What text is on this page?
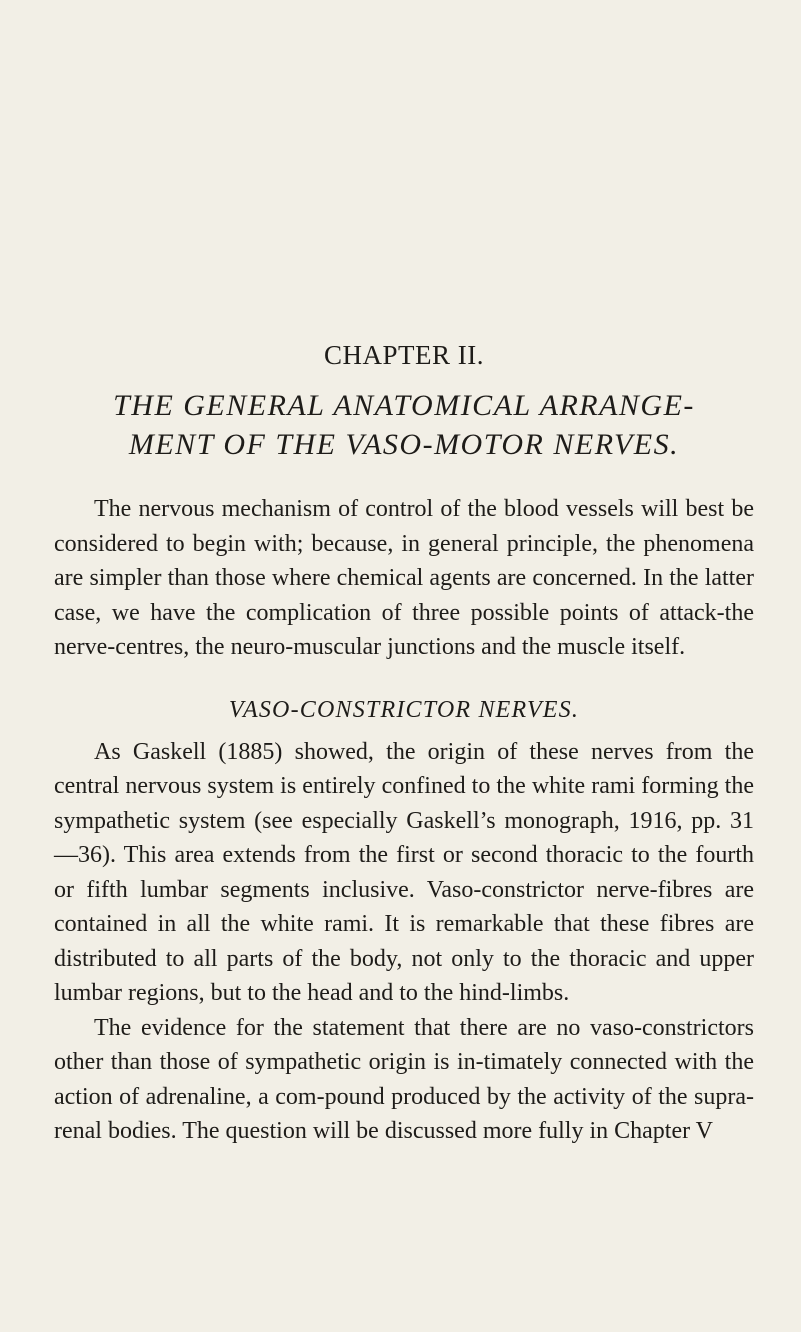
CHAPTER II.
THE GENERAL ANATOMICAL ARRANGE-
MENT OF THE VASO-MOTOR NERVES.

The nervous mechanism of control of the blood vessels will best be considered to begin with; because, in general principle, the phenomena are simpler than those where chemical agents are concerned. In the latter case, we have the complication of three possible points of attack-the nerve-centres, the neuro-muscular junctions and the muscle itself.

VASO-CONSTRICTOR NERVES.

As Gaskell (1885) showed, the origin of these nerves from the central nervous system is entirely confined to the white rami forming the sympathetic system (see especially Gaskell’s monograph, 1916, pp. 31—36). This area extends from the first or second thoracic to the fourth or fifth lumbar segments inclusive. Vaso-constrictor nerve-fibres are contained in all the white rami. It is remarkable that these fibres are distributed to all parts of the body, not only to the thoracic and upper lumbar regions, but to the head and to the hind-limbs.

The evidence for the statement that there are no vaso-constrictors other than those of sympathetic origin is in-timately connected with the action of adrenaline, a com-pound produced by the activity of the supra-renal bodies. The question will be discussed more fully in Chapter V
